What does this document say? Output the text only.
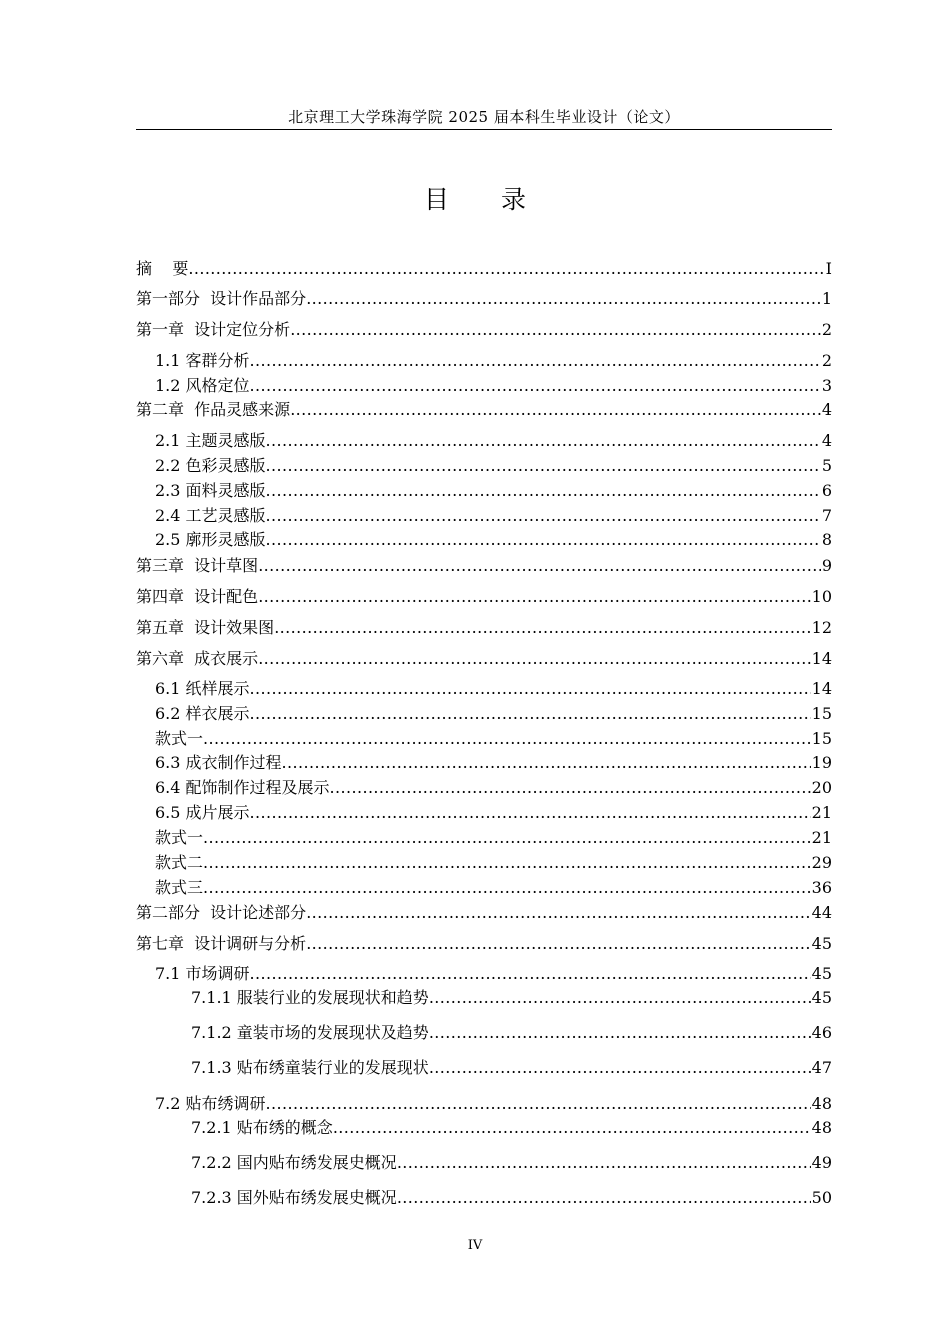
北京理工大学珠海学院 2025 届本科生毕业设计（论文）
目 录
摘    要 .....	I
第一部分  设计作品部分 .....	1
第一章  设计定位分析 .....	2
1.1 客群分析 .....	2
1.2 风格定位 .....	3
第二章  作品灵感来源 .....	4
2.1 主题灵感版 .....	4
2.2 色彩灵感版 .....	5
2.3 面料灵感版 .....	6
2.4 工艺灵感版 .....	7
2.5 廓形灵感版 .....	8
第三章  设计草图 .....	9
第四章  设计配色 .....	10
第五章  设计效果图 .....	12
第六章  成衣展示 .....	14
6.1 纸样展示 .....	14
6.2 样衣展示 .....	15
款式一 .....	15
6.3 成衣制作过程 .....	19
6.4 配饰制作过程及展示 .....	20
6.5 成片展示 .....	21
款式一 .....	21
款式二 .....	29
款式三 .....	36
第二部分  设计论述部分 .....	44
第七章  设计调研与分析 .....	45
7.1 市场调研 .....	45
7.1.1 服装行业的发展现状和趋势 .....	45
7.1.2 童装市场的发展现状及趋势 .....	46
7.1.3 贴布绣童装行业的发展现状 .....	47
7.2 贴布绣调研 .....	48
7.2.1 贴布绣的概念 .....	48
7.2.2 国内贴布绣发展史概况 .....	49
7.2.3 国外贴布绣发展史概况 .....	50
IV
